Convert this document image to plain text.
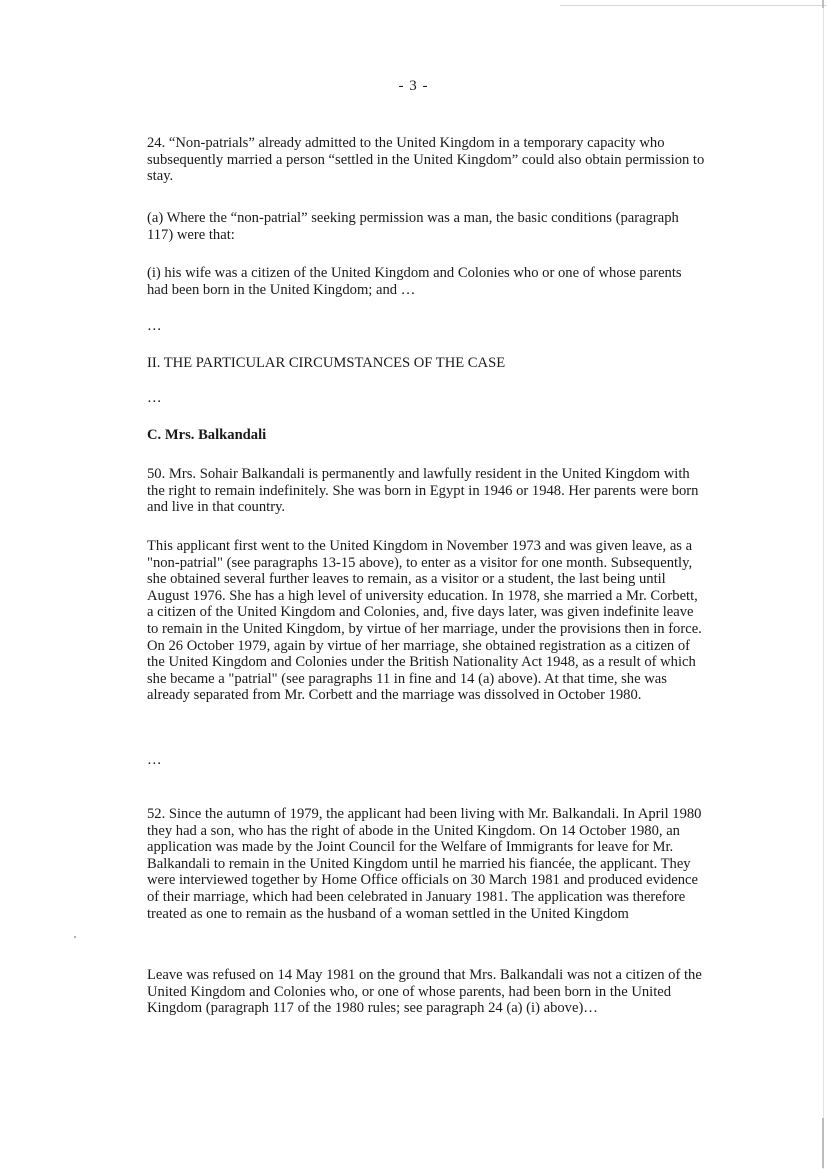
- 3 -
24. “Non-patrials” already admitted to the United Kingdom in a temporary capacity who subsequently married a person “settled in the United Kingdom” could also obtain permission to stay.
(a) Where the “non-patrial” seeking permission was a man, the basic conditions (paragraph 117) were that:
(i) his wife was a citizen of the United Kingdom and Colonies who or one of whose parents had been born in the United Kingdom; and …
…
II. THE PARTICULAR CIRCUMSTANCES OF THE CASE
…
C. Mrs. Balkandali
50. Mrs. Sohair Balkandali is permanently and lawfully resident in the United Kingdom with the right to remain indefinitely. She was born in Egypt in 1946 or 1948. Her parents were born and live in that country.
This applicant first went to the United Kingdom in November 1973 and was given leave, as a "non-patrial" (see paragraphs 13-15 above), to enter as a visitor for one month. Subsequently, she obtained several further leaves to remain, as a visitor or a student, the last being until August 1976. She has a high level of university education. In 1978, she married a Mr. Corbett, a citizen of the United Kingdom and Colonies, and, five days later, was given indefinite leave to remain in the United Kingdom, by virtue of her marriage, under the provisions then in force. On 26 October 1979, again by virtue of her marriage, she obtained registration as a citizen of the United Kingdom and Colonies under the British Nationality Act 1948, as a result of which she became a "patrial" (see paragraphs 11 in fine and 14 (a) above). At that time, she was already separated from Mr. Corbett and the marriage was dissolved in October 1980.
…
52. Since the autumn of 1979, the applicant had been living with Mr. Balkandali. In April 1980 they had a son, who has the right of abode in the United Kingdom. On 14 October 1980, an application was made by the Joint Council for the Welfare of Immigrants for leave for Mr. Balkandali to remain in the United Kingdom until he married his fiancée, the applicant. They were interviewed together by Home Office officials on 30 March 1981 and produced evidence of their marriage, which had been celebrated in January 1981. The application was therefore treated as one to remain as the husband of a woman settled in the United Kingdom
Leave was refused on 14 May 1981 on the ground that Mrs. Balkandali was not a citizen of the United Kingdom and Colonies who, or one of whose parents, had been born in the United Kingdom (paragraph 117 of the 1980 rules; see paragraph 24 (a) (i) above)…
